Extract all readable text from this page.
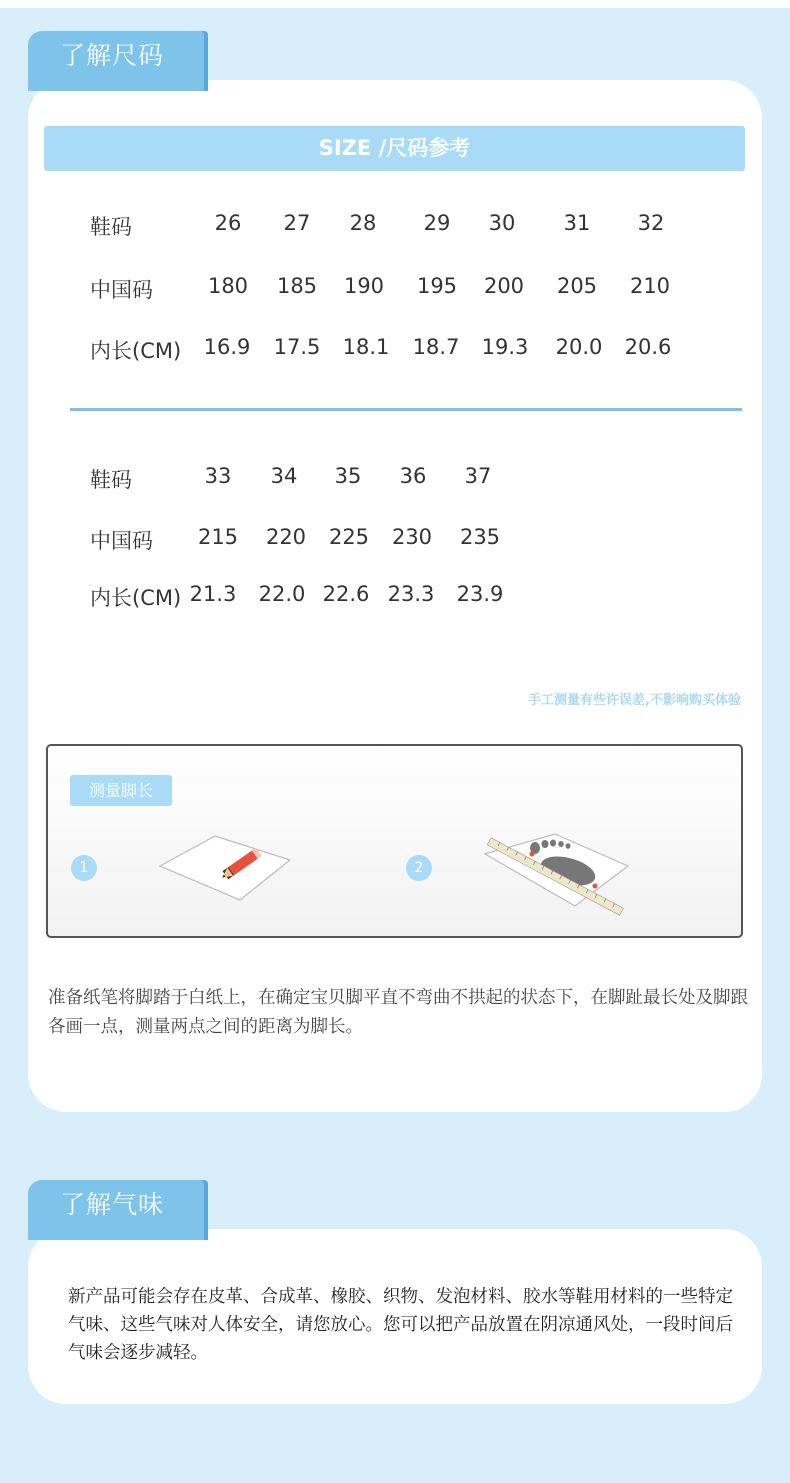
了解尺码
SIZE /尺码参考
鞋码
中国码
内长(CM)
26 27 28 29 30 31 32
180 185 190 195 200 205 210
16.9 17.5 18.1 18.7 19.3 20.0 20.6
鞋码
中国码
内长(CM)
33 34 35 36 37
215 220 225 230 235
21.3 22.0 22.6 23.3 23.9
手工测量有些许误差,不影响购买体验
测量脚长
1	2
准备纸笔将脚踏于白纸上，在确定宝贝脚平直不弯曲不拱起的状态下，在脚趾最长处及脚跟各画一点，测量两点之间的距离为脚长。
了解气味
新产品可能会存在皮革、合成革、橡胶、织物、发泡材料、胶水等鞋用材料的一些特定气味、这些气味对人体安全，请您放心。您可以把产品放置在阴凉通风处，一段时间后气味会逐步减轻。
